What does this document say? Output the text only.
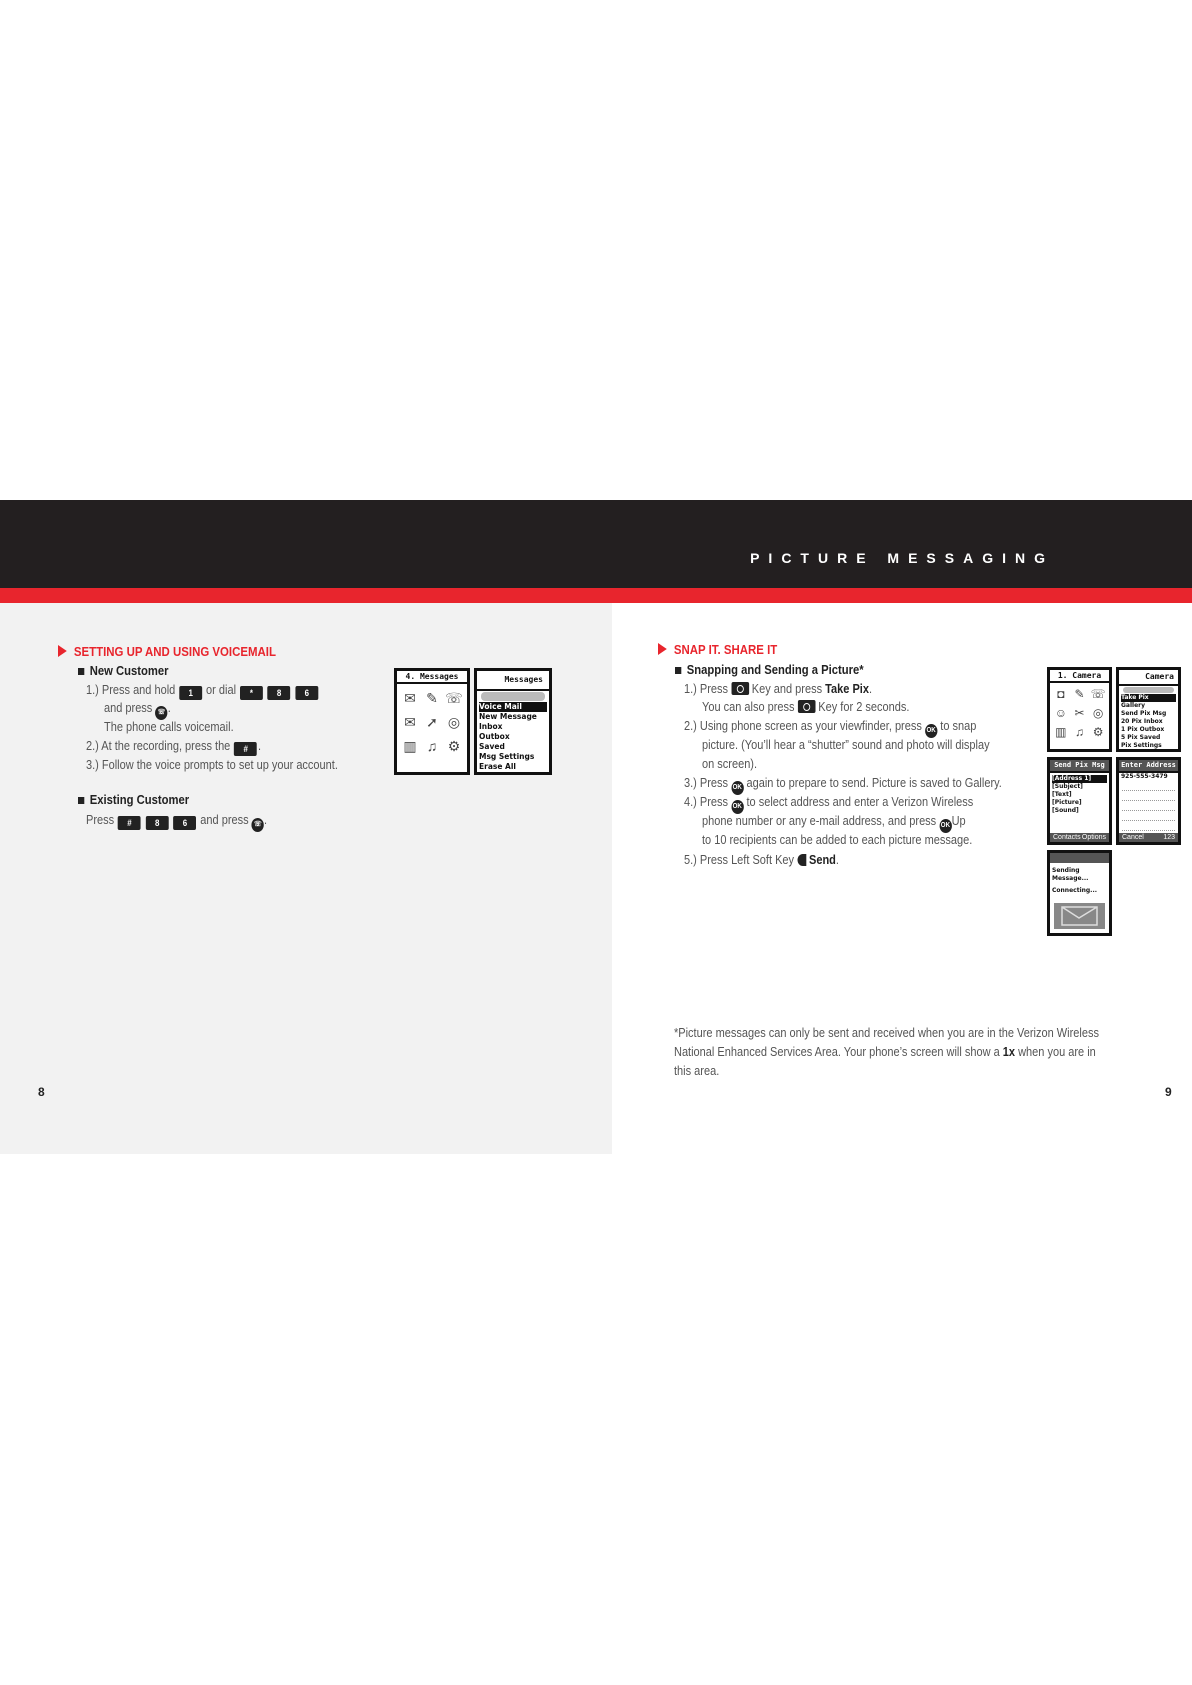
PICTURE MESSAGING
SETTING UP AND USING VOICEMAIL
New Customer
1.) Press and hold 1 or dial *	8	6
and press ☏ .
The phone calls voicemail.
2.) At the recording, press the # .
3.) Follow the voice prompts to set up your account.
Existing Customer
Press #	8	6 and press ☏ .
4. Messages
✉ ✎ ☏
✉ ➚ ◎
▥ ♫ ⚙
Messages
Voice Mail
New Message
Inbox
Outbox
Saved
Msg Settings
Erase All
8
SNAP IT. SHARE IT
Snapping and Sending a Picture*
1.) Press Key and press Take Pix.
You can also press Key for 2 seconds.
2.) Using phone screen as your viewfinder, press OK to snap
picture. (You’ll hear a “shutter” sound and photo will display
on screen).
3.) Press OK again to prepare to send. Picture is saved to Gallery.
4.) Press OK to select address and enter a Verizon Wireless
phone number or any e-mail address, and press OK Up
to 10 recipients can be added to each picture message.
5.) Press Left Soft Key Send.
1. Camera
◘ ✎ ☏
☺ ✂ ◎
▥ ♫ ⚙
Camera
Take Pix
Gallery
Send Pix Msg
20 Pix Inbox
1 Pix Outbox
5 Pix Saved
Pix Settings
Send Pix Msg
[Address 1]
[Subject]
[Text]
[Picture]
[Sound]
Contacts Options
Enter Address
925-555-3479
Cancel	123
Sending
Message...
Connecting...
*Picture messages can only be sent and received when you are in the Verizon Wireless
National Enhanced Services Area. Your phone’s screen will show a 1x when you are in
this area.
9
